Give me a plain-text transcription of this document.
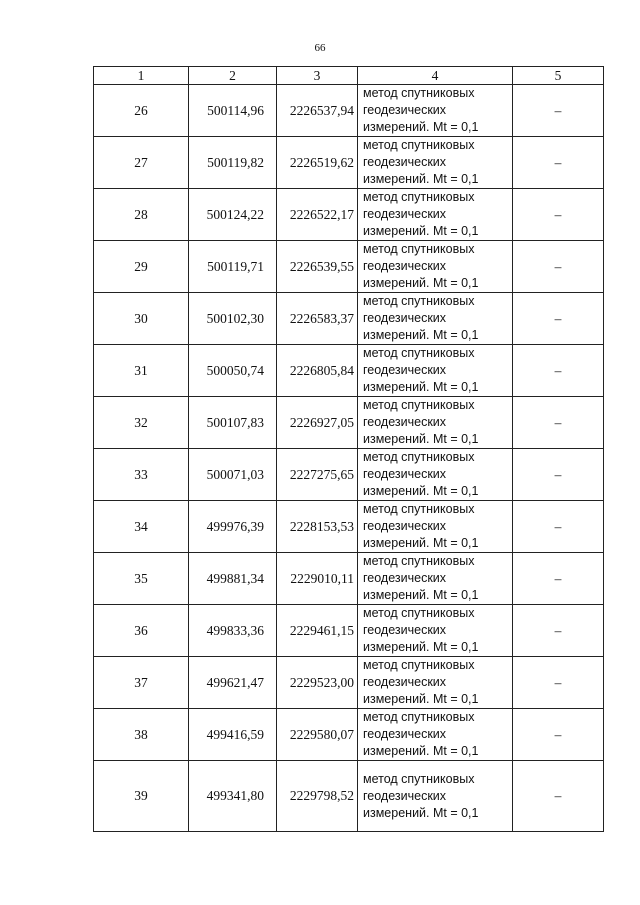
66
1	2	3	4	5
26	500114,96	2226537,94	метод спутниковых геодезических измерений. Mt = 0,1	–
27	500119,82	2226519,62	метод спутниковых геодезических измерений. Mt = 0,1	–
28	500124,22	2226522,17	метод спутниковых геодезических измерений. Mt = 0,1	–
29	500119,71	2226539,55	метод спутниковых геодезических измерений. Mt = 0,1	–
30	500102,30	2226583,37	метод спутниковых геодезических измерений. Mt = 0,1	–
31	500050,74	2226805,84	метод спутниковых геодезических измерений. Mt = 0,1	–
32	500107,83	2226927,05	метод спутниковых геодезических измерений. Mt = 0,1	–
33	500071,03	2227275,65	метод спутниковых геодезических измерений. Mt = 0,1	–
34	499976,39	2228153,53	метод спутниковых геодезических измерений. Mt = 0,1	–
35	499881,34	2229010,11	метод спутниковых геодезических измерений. Mt = 0,1	–
36	499833,36	2229461,15	метод спутниковых геодезических измерений. Mt = 0,1	–
37	499621,47	2229523,00	метод спутниковых геодезических измерений. Mt = 0,1	–
38	499416,59	2229580,07	метод спутниковых геодезических измерений. Mt = 0,1	–
39	499341,80	2229798,52	метод спутниковых геодезических измерений. Mt = 0,1	–
